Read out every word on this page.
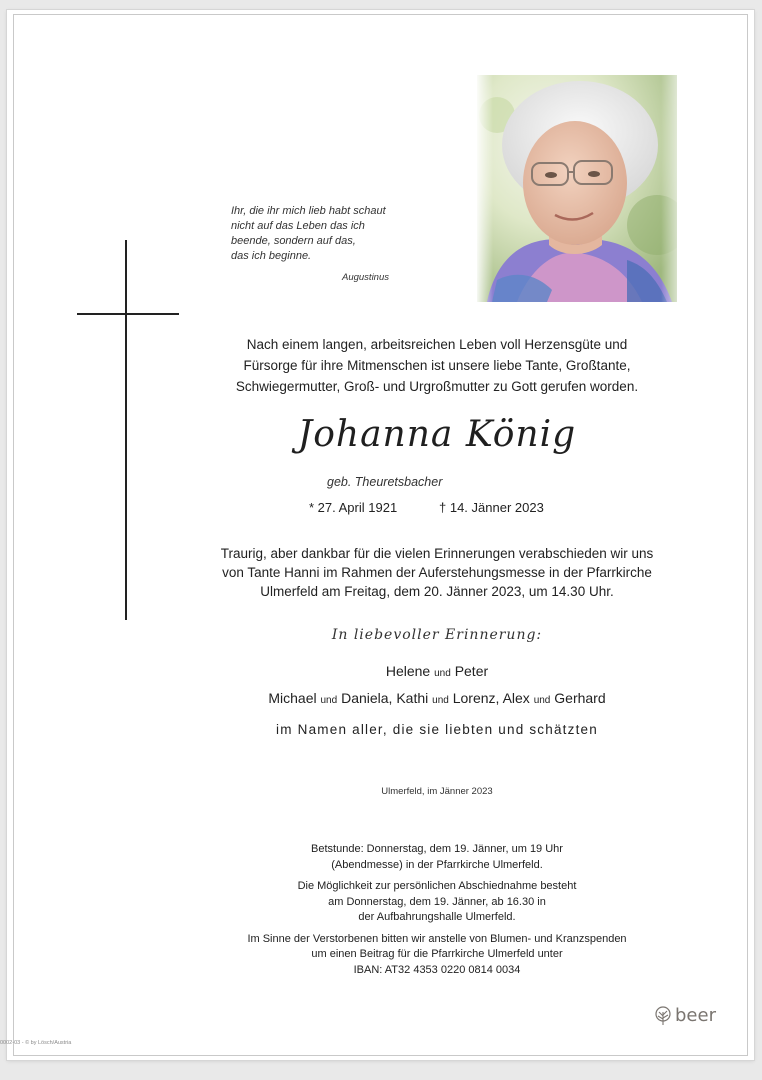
Ihr, die ihr mich lieb habt schaut
nicht auf das Leben das ich
beende, sondern auf das,
das ich beginne.
Augustinus
Nach einem langen, arbeitsreichen Leben voll Herzensgüte und
Fürsorge für ihre Mitmenschen ist unsere liebe Tante, Großtante,
Schwiegermutter, Groß- und Urgroßmutter zu Gott gerufen worden.
Johanna König
geb. Theuretsbacher
* 27. April 1921	† 14. Jänner 2023
Traurig, aber dankbar für die vielen Erinnerungen verabschieden wir uns
von Tante Hanni im Rahmen der Auferstehungsmesse in der Pfarrkirche
Ulmerfeld am Freitag, dem 20. Jänner 2023, um 14.30 Uhr.
In liebevoller Erinnerung:
Helene und Peter
Michael und Daniela, Kathi und Lorenz, Alex und Gerhard
im Namen aller, die sie liebten und schätzten
Ulmerfeld, im Jänner 2023
Betstunde: Donnerstag, dem 19. Jänner, um 19 Uhr
(Abendmesse) in der Pfarrkirche Ulmerfeld.
Die Möglichkeit zur persönlichen Abschiednahme besteht
am Donnerstag, dem 19. Jänner, ab 16.30 in
der Aufbahrungshalle Ulmerfeld.
Im Sinne der Verstorbenen bitten wir anstelle von Blumen- und Kranzspenden
um einen Beitrag für die Pfarrkirche Ulmerfeld unter
IBAN: AT32 4353 0220 0814 0034
beer
0002-03 - © by Lösch/Austria
